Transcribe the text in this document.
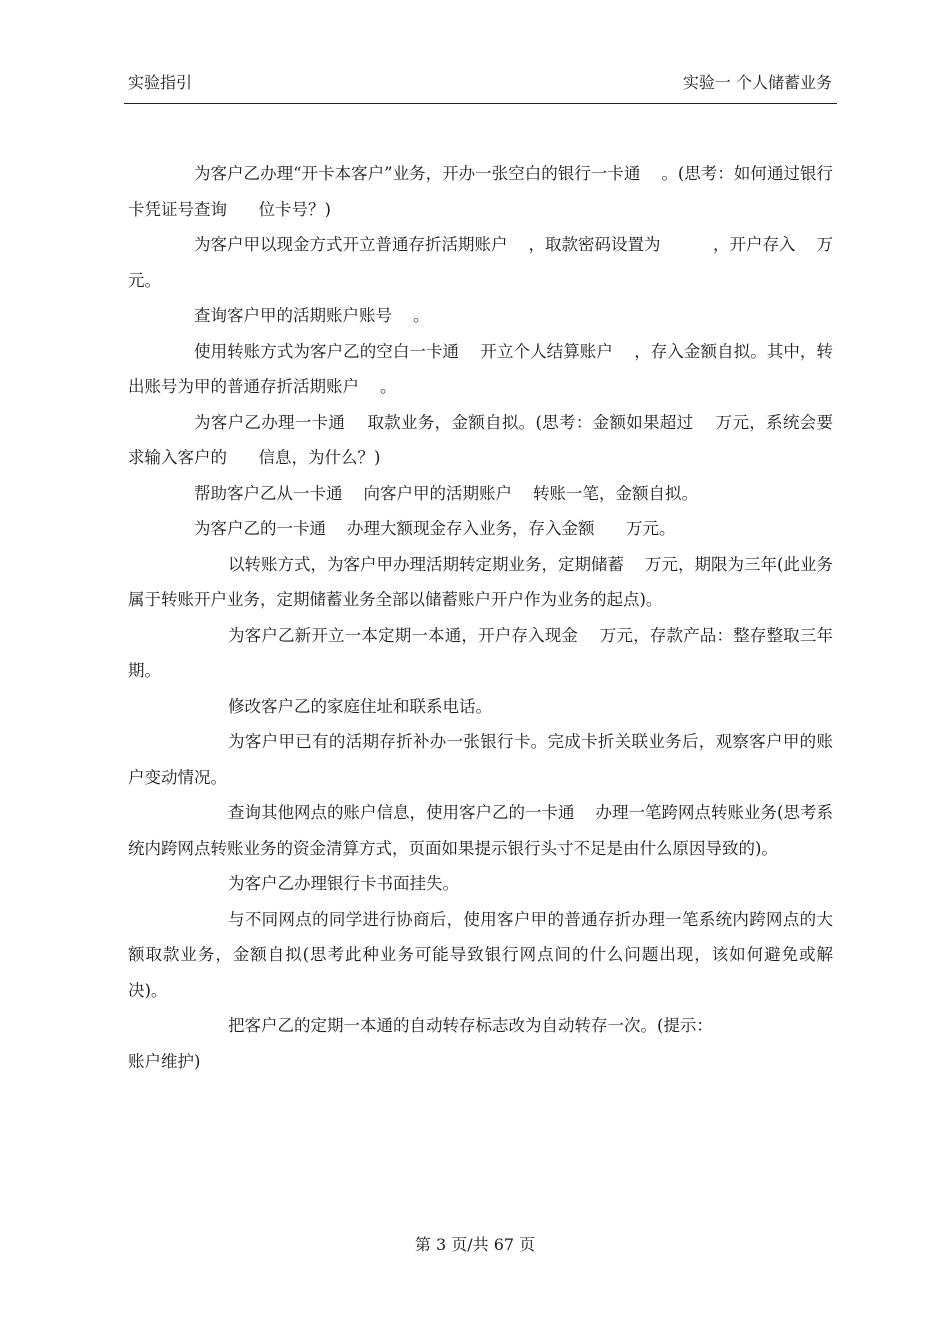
实验指引	实验一 个人储蓄业务

为客户乙办理“开卡本客户”业务，开办一张空白的银行一卡通    。(思考：如何通过银行卡凭证号查询      位卡号？)

为客户甲以现金方式开立普通存折活期账户    ，取款密码设置为          ，开户存入    万元。

查询客户甲的活期账户账号    。

使用转账方式为客户乙的空白一卡通    开立个人结算账户    ，存入金额自拟。其中，转出账号为甲的普通存折活期账户    。

为客户乙办理一卡通    取款业务，金额自拟。(思考：金额如果超过    万元，系统会要求输入客户的      信息，为什么？)

帮助客户乙从一卡通    向客户甲的活期账户    转账一笔，金额自拟。

为客户乙的一卡通    办理大额现金存入业务，存入金额      万元。

以转账方式，为客户甲办理活期转定期业务，定期储蓄    万元，期限为三年(此业务属于转账开户业务，定期储蓄业务全部以储蓄账户开户作为业务的起点)。

为客户乙新开立一本定期一本通，开户存入现金    万元，存款产品：整存整取三年期。

修改客户乙的家庭住址和联系电话。

为客户甲已有的活期存折补办一张银行卡。完成卡折关联业务后，观察客户甲的账户变动情况。

查询其他网点的账户信息，使用客户乙的一卡通    办理一笔跨网点转账业务(思考系统内跨网点转账业务的资金清算方式，页面如果提示银行头寸不足是由什么原因导致的)。

为客户乙办理银行卡书面挂失。

与不同网点的同学进行协商后，使用客户甲的普通存折办理一笔系统内跨网点的大额取款业务，金额自拟(思考此种业务可能导致银行网点间的什么问题出现，该如何避免或解决)。

把客户乙的定期一本通的自动转存标志改为自动转存一次。(提示：

账户维护)

第 3 页/共 67 页
